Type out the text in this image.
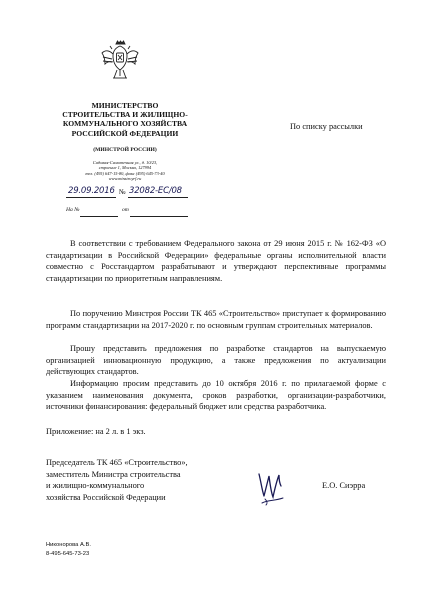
МИНИСТЕРСТВО
СТРОИТЕЛЬСТВА И ЖИЛИЩНО-
КОММУНАЛЬНОГО ХОЗЯЙСТВА
РОССИЙСКОЙ ФЕДЕРАЦИИ
(МИНСТРОЙ РОССИИ)
Садовая-Самотечная ул., д. 10/23,
строение 1, Москва, 127994
тел. (495) 647-15-80, факс (495) 645-73-40
www.minstroyrf.ru
29.09.2016 № 32082-ЕС/08
На №	от
По списку рассылки

В соответствии с требованием Федерального закона от 29 июня 2015 г. № 162-ФЗ «О стандартизации в Российской Федерации» федеральные органы исполнительной власти совместно с Росстандартом разрабатывают и утверждают перспективные программы стандартизации по приоритетным направлениям.

По поручению Минстроя России ТК 465 «Строительство» приступает к формированию программ стандартизации на 2017-2020 г. по основным группам строительных материалов.

Прошу представить предложения по разработке стандартов на выпускаемую организацией инновационную продукцию, а также предложения по актуализации действующих стандартов.

Информацию просим представить до 10 октября 2016 г. по прилагаемой форме с указанием наименования документа, сроков разработки, организации-разработчики, источники финансирования: федеральный бюджет или средства разработчика.

Приложение: на 2 л. в 1 экз.
Председатель ТК 465 «Строительство»,
заместитель Министра строительства
и жилищно-коммунального
хозяйства Российской Федерации
Е.О. Сиэрра
Никонорова А.В.
8-495-645-73-23
